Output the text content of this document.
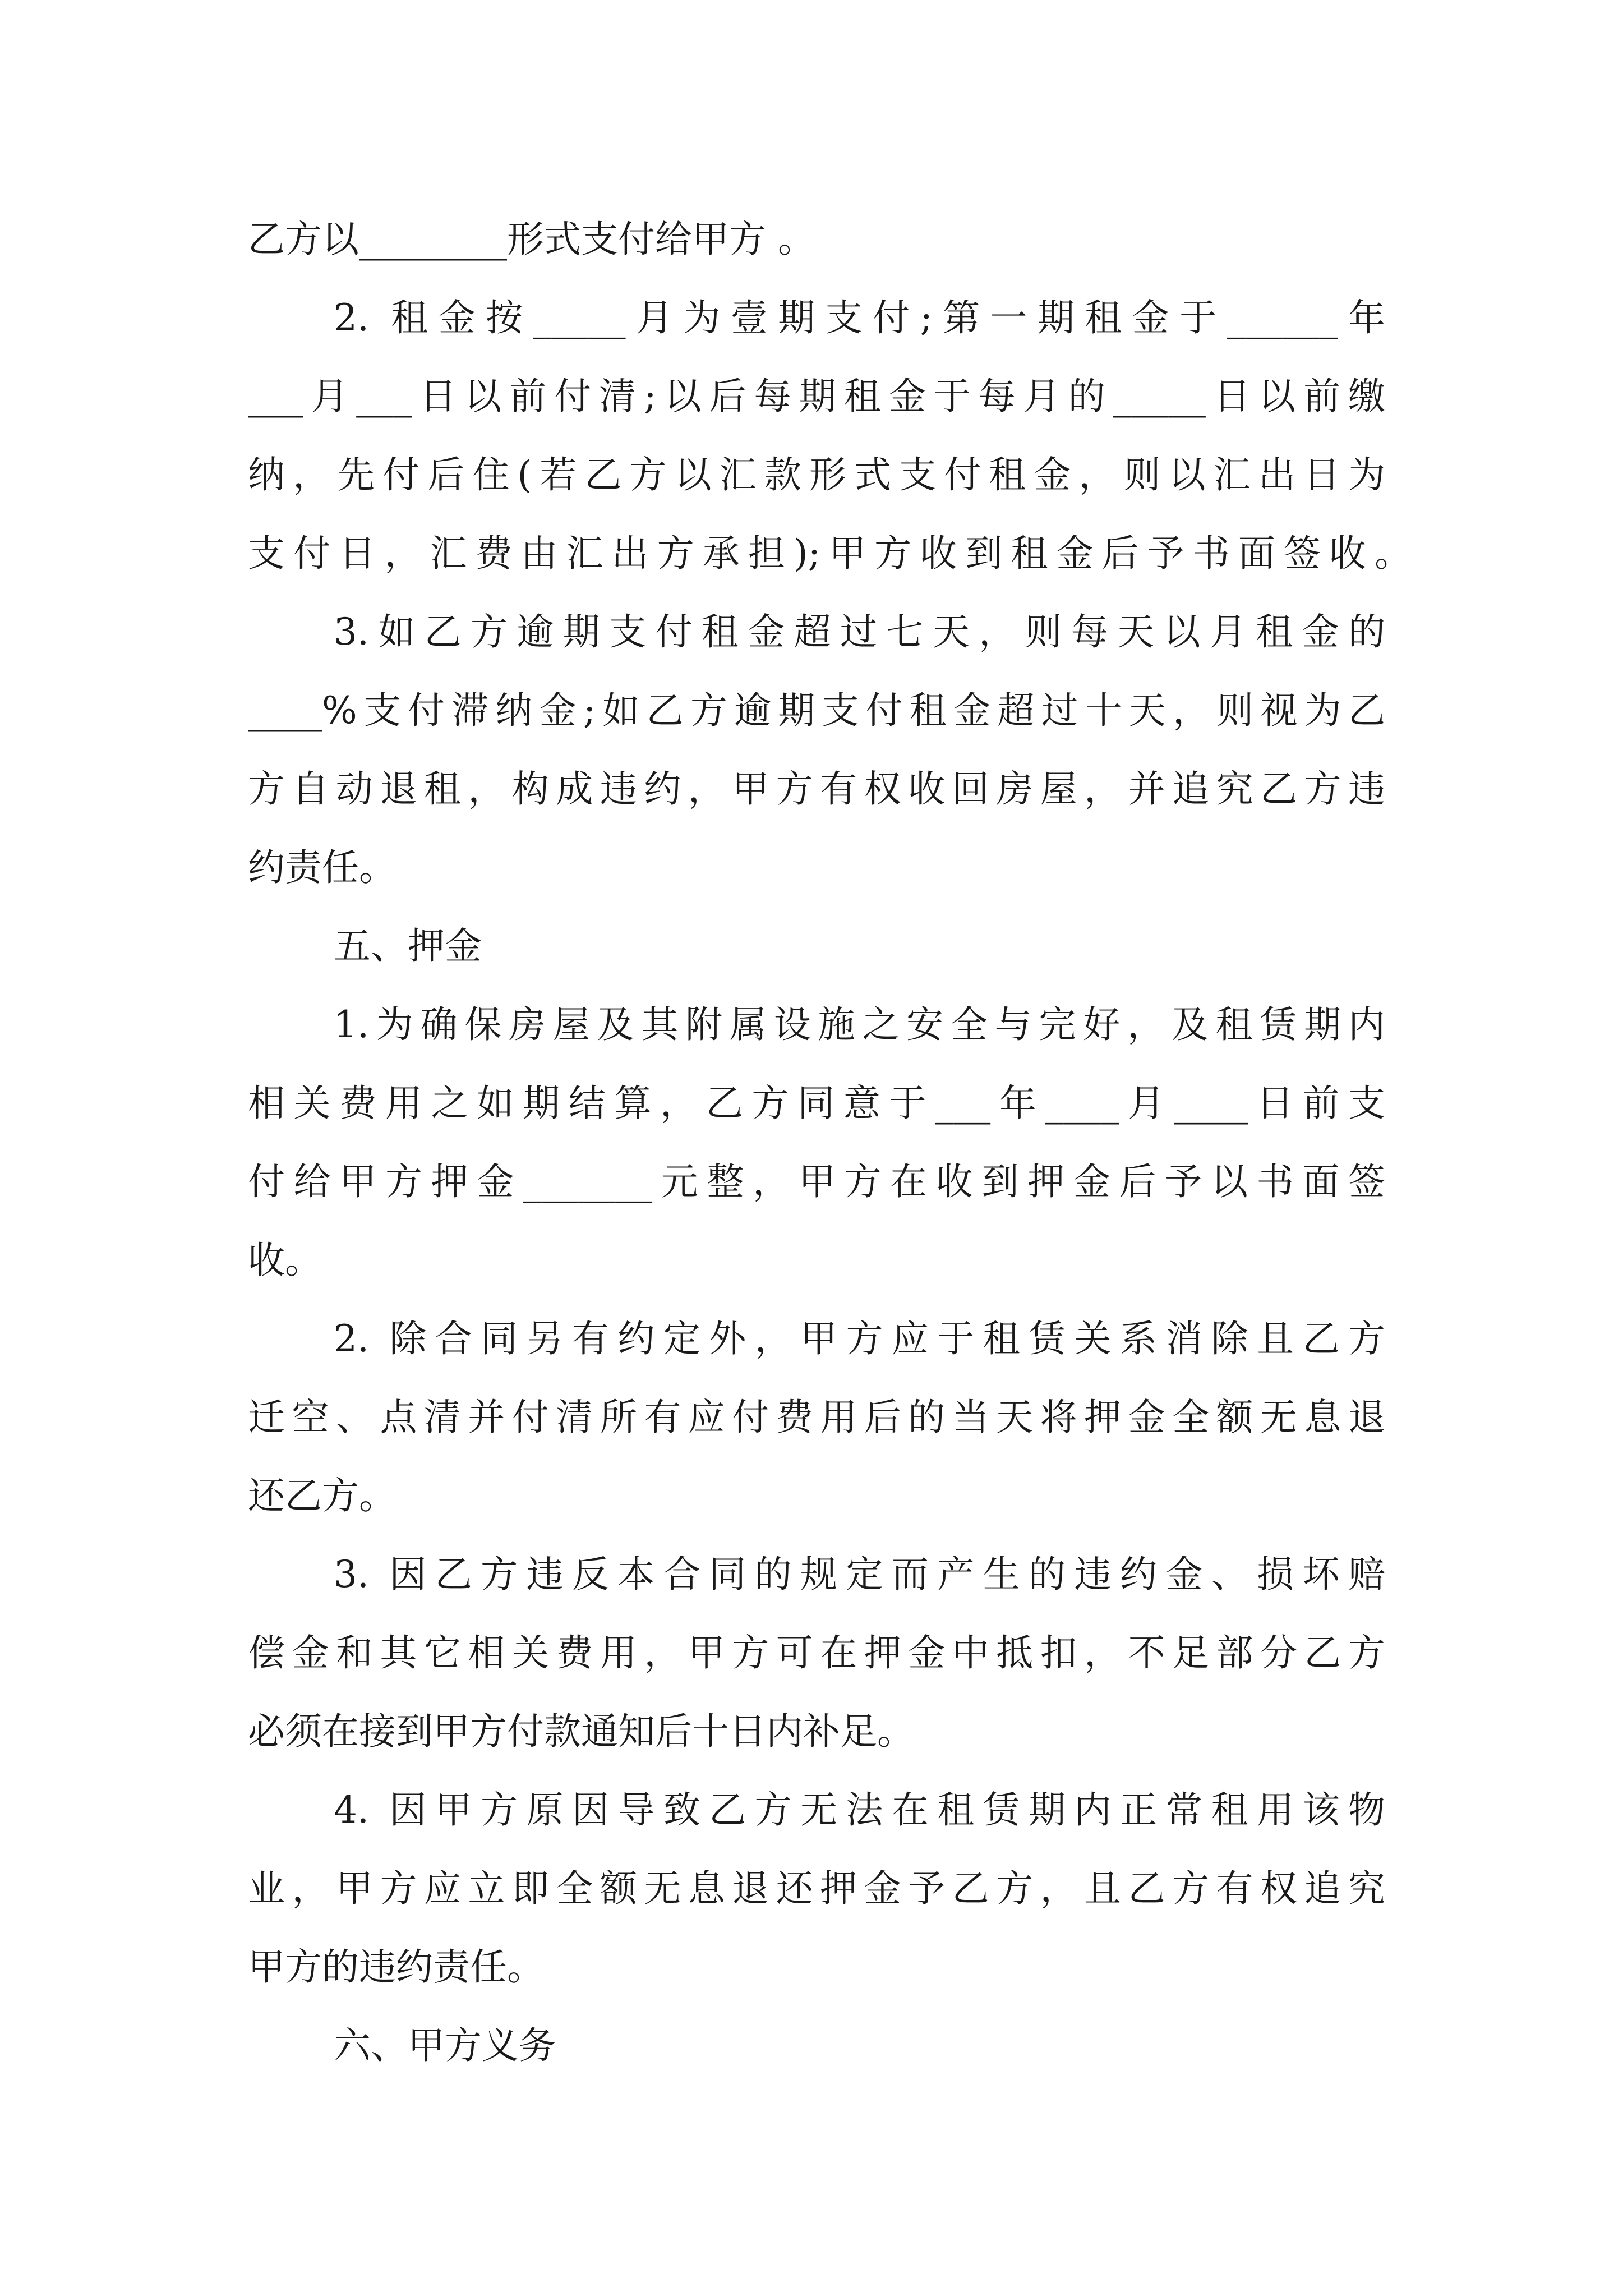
乙方以________形式支付给甲方 。

2. 租金按_____月为壹期支付;第一期租金于______年

___月___日以前付清;以后每期租金于每月的_____日以前缴

纳，先付后住(若乙方以汇款形式支付租金，则以汇出日为

支付日，汇费由汇出方承担);甲方收到租金后予书面签收。

3.如乙方逾期支付租金超过七天，则每天以月租金的

____%支付滞纳金;如乙方逾期支付租金超过十天，则视为乙

方自动退租，构成违约，甲方有权收回房屋，并追究乙方违

约责任。

五、押金

1.为确保房屋及其附属设施之安全与完好，及租赁期内

相关费用之如期结算，乙方同意于___年____月____日前支

付给甲方押金_______元整，甲方在收到押金后予以书面签

收。

2. 除合同另有约定外，甲方应于租赁关系消除且乙方

迁空、点清并付清所有应付费用后的当天将押金全额无息退

还乙方。

3. 因乙方违反本合同的规定而产生的违约金、损坏赔

偿金和其它相关费用，甲方可在押金中抵扣，不足部分乙方

必须在接到甲方付款通知后十日内补足。

4. 因甲方原因导致乙方无法在租赁期内正常租用该物

业，甲方应立即全额无息退还押金予乙方，且乙方有权追究

甲方的违约责任。

六、甲方义务
